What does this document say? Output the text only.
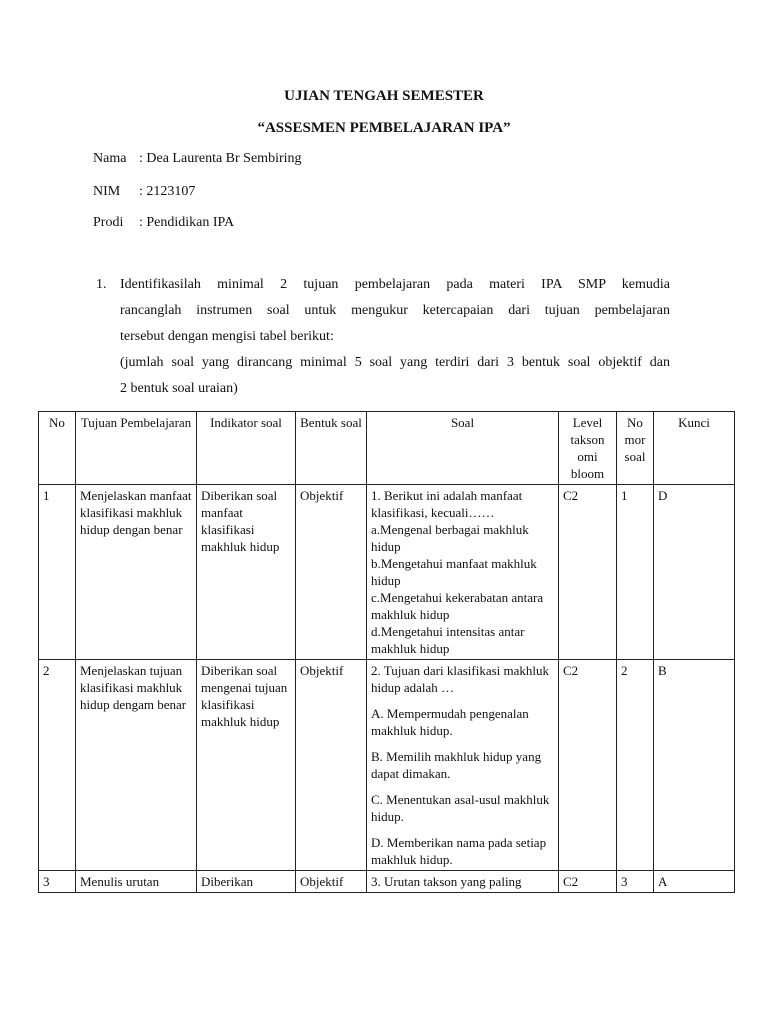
UJIAN TENGAH SEMESTER
“ASSESMEN PEMBELAJARAN IPA”
Nama : Dea Laurenta Br Sembiring
NIM : 2123107
Prodi : Pendidikan IPA
1. Identifikasilah minimal 2 tujuan pembelajaran pada materi IPA SMP kemudia

rancanglah instrumen soal untuk mengukur ketercapaian dari tujuan pembelajaran

tersebut dengan mengisi tabel berikut:

(jumlah soal yang dirancang minimal 5 soal yang terdiri dari 3 bentuk soal objektif dan

2 bentuk soal uraian)

No	Tujuan Pembelajaran	Indikator soal	Bentuk soal	Soal	Level takson omi bloom	No mor soal	Kunci
1	Menjelaskan manfaat klasifikasi makhluk hidup dengan benar	Diberikan soal manfaat klasifikasi makhluk hidup	Objektif	1. Berikut ini adalah manfaat klasifikasi, kecuali……
a.Mengenal berbagai makhluk hidup
b.Mengetahui manfaat makhluk hidup
c.Mengetahui kekerabatan antara makhluk hidup
d.Mengetahui intensitas antar makhluk hidup	C2	1	D
2	Menjelaskan tujuan klasifikasi makhluk hidup dengam benar	Diberikan soal mengenai tujuan klasifikasi makhluk hidup	Objektif	2. Tujuan dari klasifikasi makhluk hidup adalah …
A. Mempermudah pengenalan makhluk hidup.
B. Memilih makhluk hidup yang dapat dimakan.
C. Menentukan asal-usul makhluk hidup.
D. Memberikan nama pada setiap makhluk hidup.	C2	2	B
3	Menulis urutan	Diberikan	Objektif	3. Urutan takson yang paling	C2	3	A
